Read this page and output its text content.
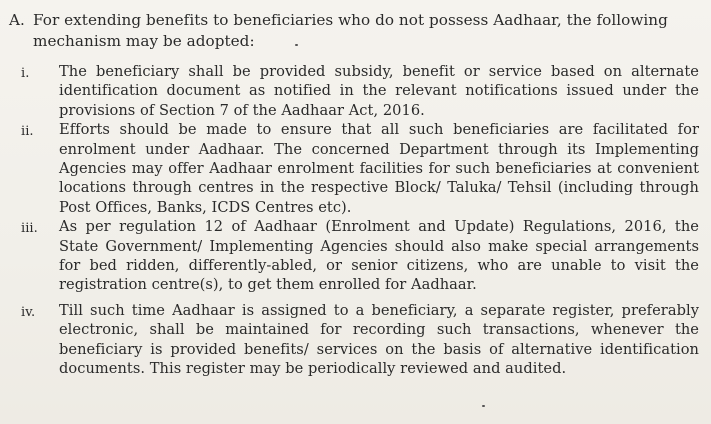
A. For extending benefits to beneficiaries who do not possess Aadhaar, the following mechanism may be adopted:
i.	The beneficiary shall be provided subsidy, benefit or service based on alternate identification document as notified in the relevant notifications issued under the provisions of Section 7 of the Aadhaar Act, 2016.
ii.	Efforts should be made to ensure that all such beneficiaries are facilitated for enrolment under Aadhaar. The concerned Department through its Implementing Agencies may offer Aadhaar enrolment facilities for such beneficiaries at convenient locations through centres in the respective Block/ Taluka/ Tehsil (including through Post Offices, Banks, ICDS Centres etc).
iii.	As per regulation 12 of Aadhaar (Enrolment and Update) Regulations, 2016, the State Government/ Implementing Agencies should also make special arrangements for bed ridden, differently-abled, or senior citizens, who are unable to visit the registration centre(s), to get them enrolled for Aadhaar.
iv.	Till such time Aadhaar is assigned to a beneficiary, a separate register, preferably electronic, shall be maintained for recording such transactions, whenever the beneficiary is provided benefits/ services on the basis of alternative identification documents. This register may be periodically reviewed and audited.
